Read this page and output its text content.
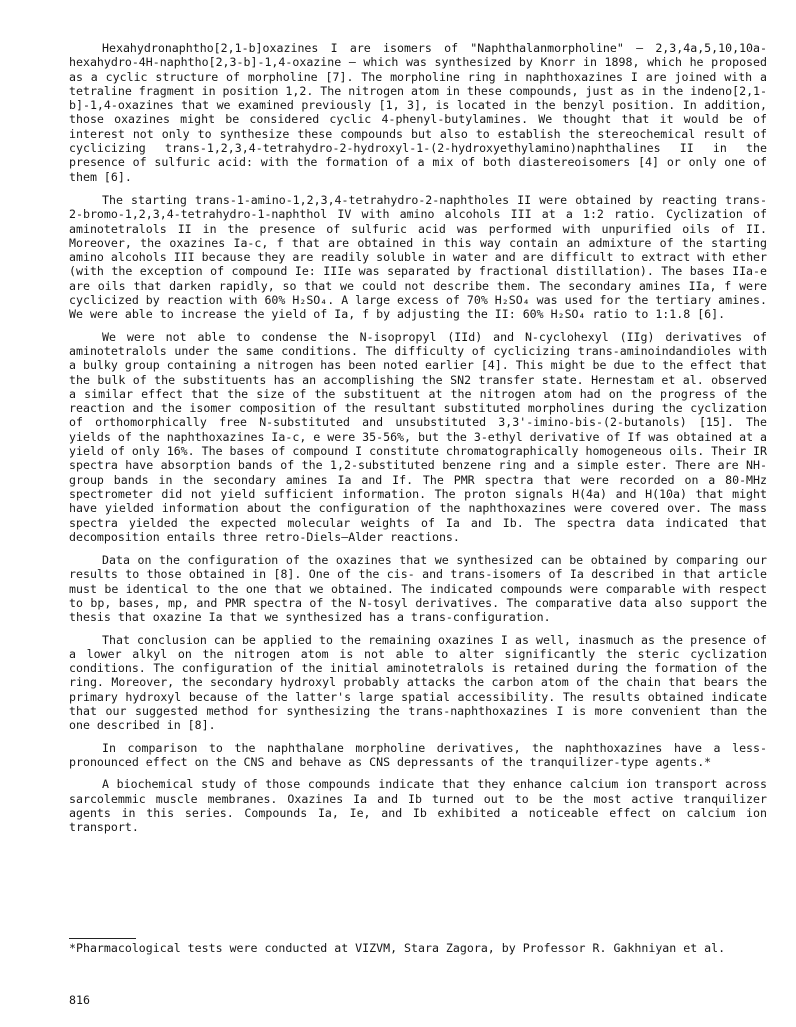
Hexahydronaphtho[2,1-b]oxazines I are isomers of "Naphthalanmorpholine" — 2,3,4a,5,10,10a-hexahydro-4H-naphtho[2,3-b]-1,4-oxazine — which was synthesized by Knorr in 1898, which he proposed as a cyclic structure of morpholine [7]. The morpholine ring in naphthoxazines I are joined with a tetraline fragment in position 1,2. The nitrogen atom in these compounds, just as in the indeno[2,1-b]-1,4-oxazines that we examined previously [1, 3], is located in the benzyl position. In addition, those oxazines might be considered cyclic 4-phenyl-butylamines. We thought that it would be of interest not only to synthesize these compounds but also to establish the stereochemical result of cyclicizing trans-1,2,3,4-tetrahydro-2-hydroxyl-1-(2-hydroxyethylamino)naphthalines II in the presence of sulfuric acid: with the formation of a mix of both diastereoisomers [4] or only one of them [6].

The starting trans-1-amino-1,2,3,4-tetrahydro-2-naphtholes II were obtained by reacting trans-2-bromo-1,2,3,4-tetrahydro-1-naphthol IV with amino alcohols III at a 1:2 ratio. Cyclization of aminotetralols II in the presence of sulfuric acid was performed with unpurified oils of II. Moreover, the oxazines Ia-c, f that are obtained in this way contain an admixture of the starting amino alcohols III because they are readily soluble in water and are difficult to extract with ether (with the exception of compound Ie: IIIe was separated by fractional distillation). The bases IIa-e are oils that darken rapidly, so that we could not describe them. The secondary amines IIa, f were cyclicized by reaction with 60% H₂SO₄. A large excess of 70% H₂SO₄ was used for the tertiary amines. We were able to increase the yield of Ia, f by adjusting the II: 60% H₂SO₄ ratio to 1:1.8 [6].

We were not able to condense the N-isopropyl (IId) and N-cyclohexyl (IIg) derivatives of aminotetralols under the same conditions. The difficulty of cyclicizing trans-aminoindandioles with a bulky group containing a nitrogen has been noted earlier [4]. This might be due to the effect that the bulk of the substituents has an accomplishing the SN2 transfer state. Hernestam et al. observed a similar effect that the size of the substituent at the nitrogen atom had on the progress of the reaction and the isomer composition of the resultant substituted morpholines during the cyclization of orthomorphically free N-substituted and unsubstituted 3,3'-imino-bis-(2-butanols) [15]. The yields of the naphthoxazines Ia-c, e were 35-56%, but the 3-ethyl derivative of If was obtained at a yield of only 16%. The bases of compound I constitute chromatographically homogeneous oils. Their IR spectra have absorption bands of the 1,2-substituted benzene ring and a simple ester. There are NH-group bands in the secondary amines Ia and If. The PMR spectra that were recorded on a 80-MHz spectrometer did not yield sufficient information. The proton signals H(4a) and H(10a) that might have yielded information about the configuration of the naphthoxazines were covered over. The mass spectra yielded the expected molecular weights of Ia and Ib. The spectra data indicated that decomposition entails three retro-Diels—Alder reactions.

Data on the configuration of the oxazines that we synthesized can be obtained by comparing our results to those obtained in [8]. One of the cis- and trans-isomers of Ia described in that article must be identical to the one that we obtained. The indicated compounds were comparable with respect to bp, bases, mp, and PMR spectra of the N-tosyl derivatives. The comparative data also support the thesis that oxazine Ia that we synthesized has a trans-configuration.

That conclusion can be applied to the remaining oxazines I as well, inasmuch as the presence of a lower alkyl on the nitrogen atom is not able to alter significantly the steric cyclization conditions. The configuration of the initial aminotetralols is retained during the formation of the ring. Moreover, the secondary hydroxyl probably attacks the carbon atom of the chain that bears the primary hydroxyl because of the latter's large spatial accessibility. The results obtained indicate that our suggested method for synthesizing the trans-naphthoxazines I is more convenient than the one described in [8].

In comparison to the naphthalane morpholine derivatives, the naphthoxazines have a less-pronounced effect on the CNS and behave as CNS depressants of the tranquilizer-type agents.*

A biochemical study of those compounds indicate that they enhance calcium ion transport across sarcolemmic muscle membranes. Oxazines Ia and Ib turned out to be the most active tranquilizer agents in this series. Compounds Ia, Ie, and Ib exhibited a noticeable effect on calcium ion transport.

*Pharmacological tests were conducted at VIZVM, Stara Zagora, by Professor R. Gakhniyan et al.
816
